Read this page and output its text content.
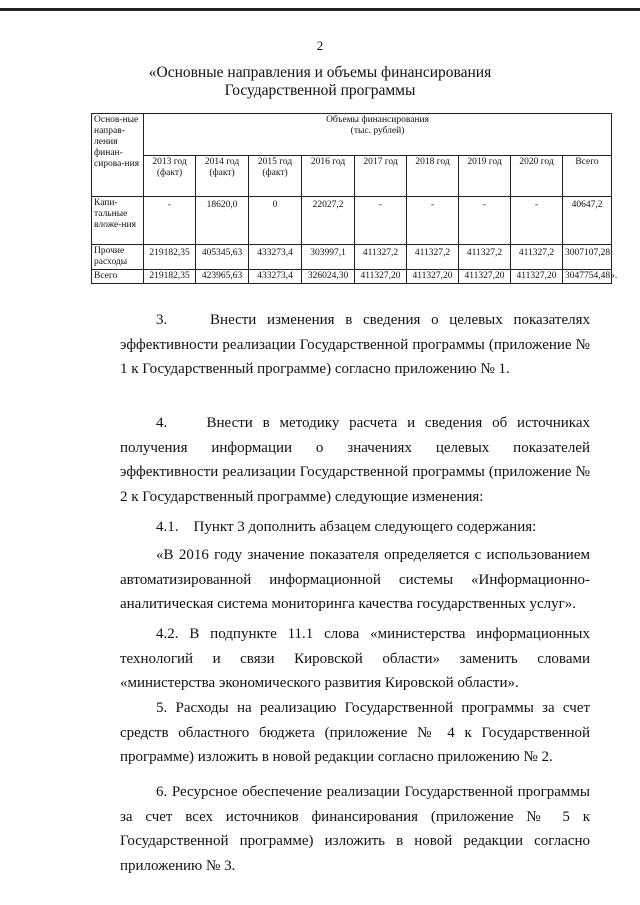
2
«Основные направления и объемы финансирования
Государственной программы
Основ-ные направ-ления финан-сирова-ния	Объемы финансирования
(тыс. рублей)								

	2013 год (факт)	2014 год (факт)	2015 год (факт)	2016 год	2017 год	2018 год	2019 год	2020 год	Всего
Капи-тальные вложе-ния	-	18620,0	0	22027,2	-	-	-	-	40647,2
Прочие расходы	219182,35	405345,63	433273,4	303997,1	411327,2	411327,2	411327,2	411327,2	3007107,28
Всего	219182,35	423965,63	433273,4	326024,30	411327,20	411327,20	411327,20	411327,20	3047754,48».

3.	Внести изменения в сведения о целевых показателях эффективности реализации Государственной программы (приложение № 1 к Государственный программе) согласно приложению № 1.

4.	Внести в методику расчета и сведения об источниках получения информации о значениях целевых показателей эффективности реализации Государственной программы (приложение № 2 к Государственный программе) следующие изменения:

4.1. Пункт 3 дополнить абзацем следующего содержания:

«В 2016 году значение показателя определяется с использованием автоматизированной информационной системы «Информационно-аналитическая система мониторинга качества государственных услуг».

4.2. В подпункте 11.1 слова «министерства информационных технологий и связи Кировской области» заменить словами «министерства экономического развития Кировской области».

5. Расходы на реализацию Государственной программы за счет средств областного бюджета (приложение № 4 к Государственной программе) изложить в новой редакции согласно приложению № 2.

6. Ресурсное обеспечение реализации Государственной программы за счет всех источников финансирования (приложение № 5 к Государственной программе) изложить в новой редакции согласно приложению № 3.
